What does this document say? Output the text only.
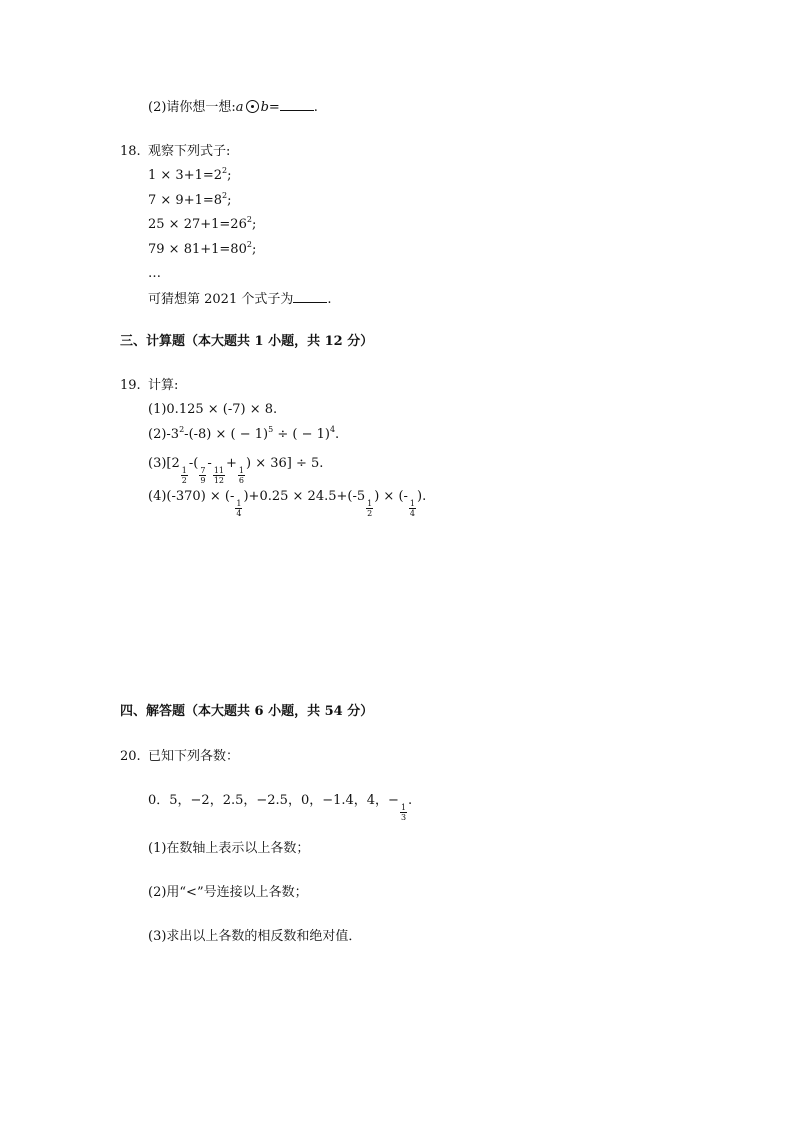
(2)请你想一想:a b=	.
18. 观察下列式子:
$1 \times 3+1=2^2$;
$7 \times 9+1=8^2$;
$25 \times 27+1=26^2$;
$79 \times 81+1=80^2$;
…
可猜想第 2021 个式子为	.
三、计算题（本大题共 1 小题，共 12 分）
19. 计算:
(1)0.125 × (-7) × 8.
$(2)-3^2-(-8)$ × ( − 1)$^5$ ÷ ( − 1)$^4$.
(3)[2
$\frac{1}{2}$
-(
$\frac{7}{9}$
-
$\frac{11}{12}$
+
$\frac{1}{6}$
) × 36] ÷ 5.
(4)(-370) × (-
$\frac{1}{4}$
)+0.25 × 24.5+(-5
$\frac{1}{2}$
) × (-
$\frac{1}{4}$
).
四、解答题（本大题共 6 小题，共 54 分）
20. 已知下列各数：
0．5，−2，2.5，−2.5，0，−1.4，4，−
$\frac{1}{3}$
.
(1)在数轴上表示以上各数；
(2)用“<”号连接以上各数；
(3)求出以上各数的相反数和绝对值．
